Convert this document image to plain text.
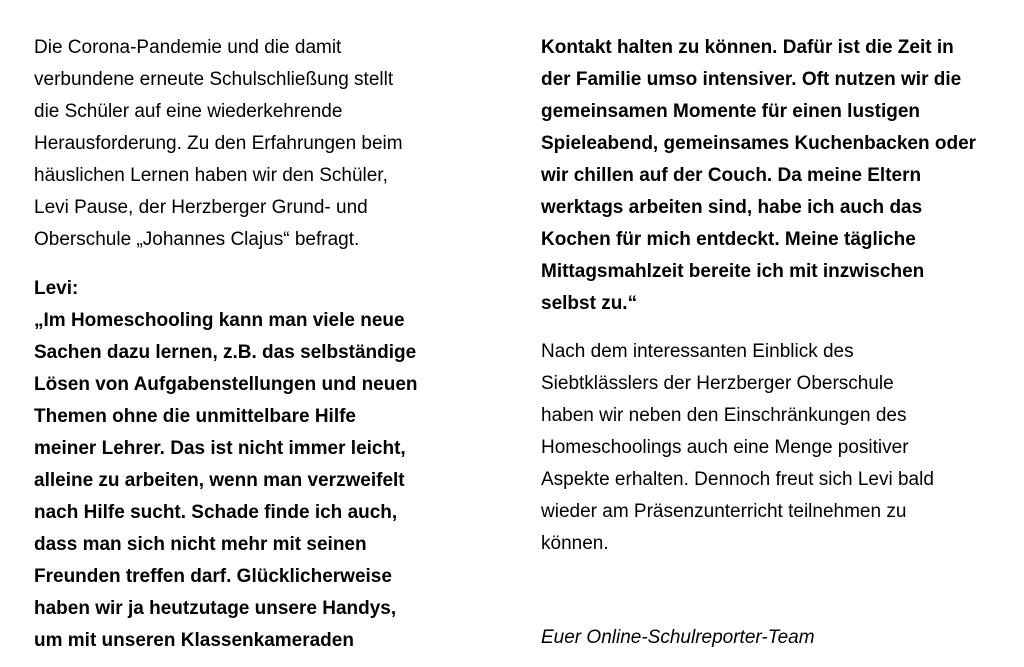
Die Corona-Pandemie und die damit
verbundene erneute Schulschließung stellt
die Schüler auf eine wiederkehrende
Herausforderung. Zu den Erfahrungen beim
häuslichen Lernen haben wir den Schüler,
Levi Pause, der Herzberger Grund- und
Oberschule „Johannes Clajus“ befragt.
Levi:
„Im Homeschooling kann man viele neue
Sachen dazu lernen, z.B. das selbständige
Lösen von Aufgabenstellungen und neuen
Themen ohne die unmittelbare Hilfe
meiner Lehrer. Das ist nicht immer leicht,
alleine zu arbeiten, wenn man verzweifelt
nach Hilfe sucht. Schade finde ich auch,
dass man sich nicht mehr mit seinen
Freunden treffen darf. Glücklicherweise
haben wir ja heutzutage unsere Handys,
um mit unseren Klassenkameraden
Kontakt halten zu können. Dafür ist die Zeit in
der Familie umso intensiver. Oft nutzen wir die
gemeinsamen Momente für einen lustigen
Spieleabend, gemeinsames Kuchenbacken oder
wir chillen auf der Couch. Da meine Eltern
werktags arbeiten sind, habe ich auch das
Kochen für mich entdeckt. Meine tägliche
Mittagsmahlzeit bereite ich mit inzwischen
selbst zu.“
Nach dem interessanten Einblick des
Siebtklässlers der Herzberger Oberschule
haben wir neben den Einschränkungen des
Homeschoolings auch eine Menge positiver
Aspekte erhalten. Dennoch freut sich Levi bald
wieder am Präsenzunterricht teilnehmen zu
können.
Euer Online-Schulreporter-Team
